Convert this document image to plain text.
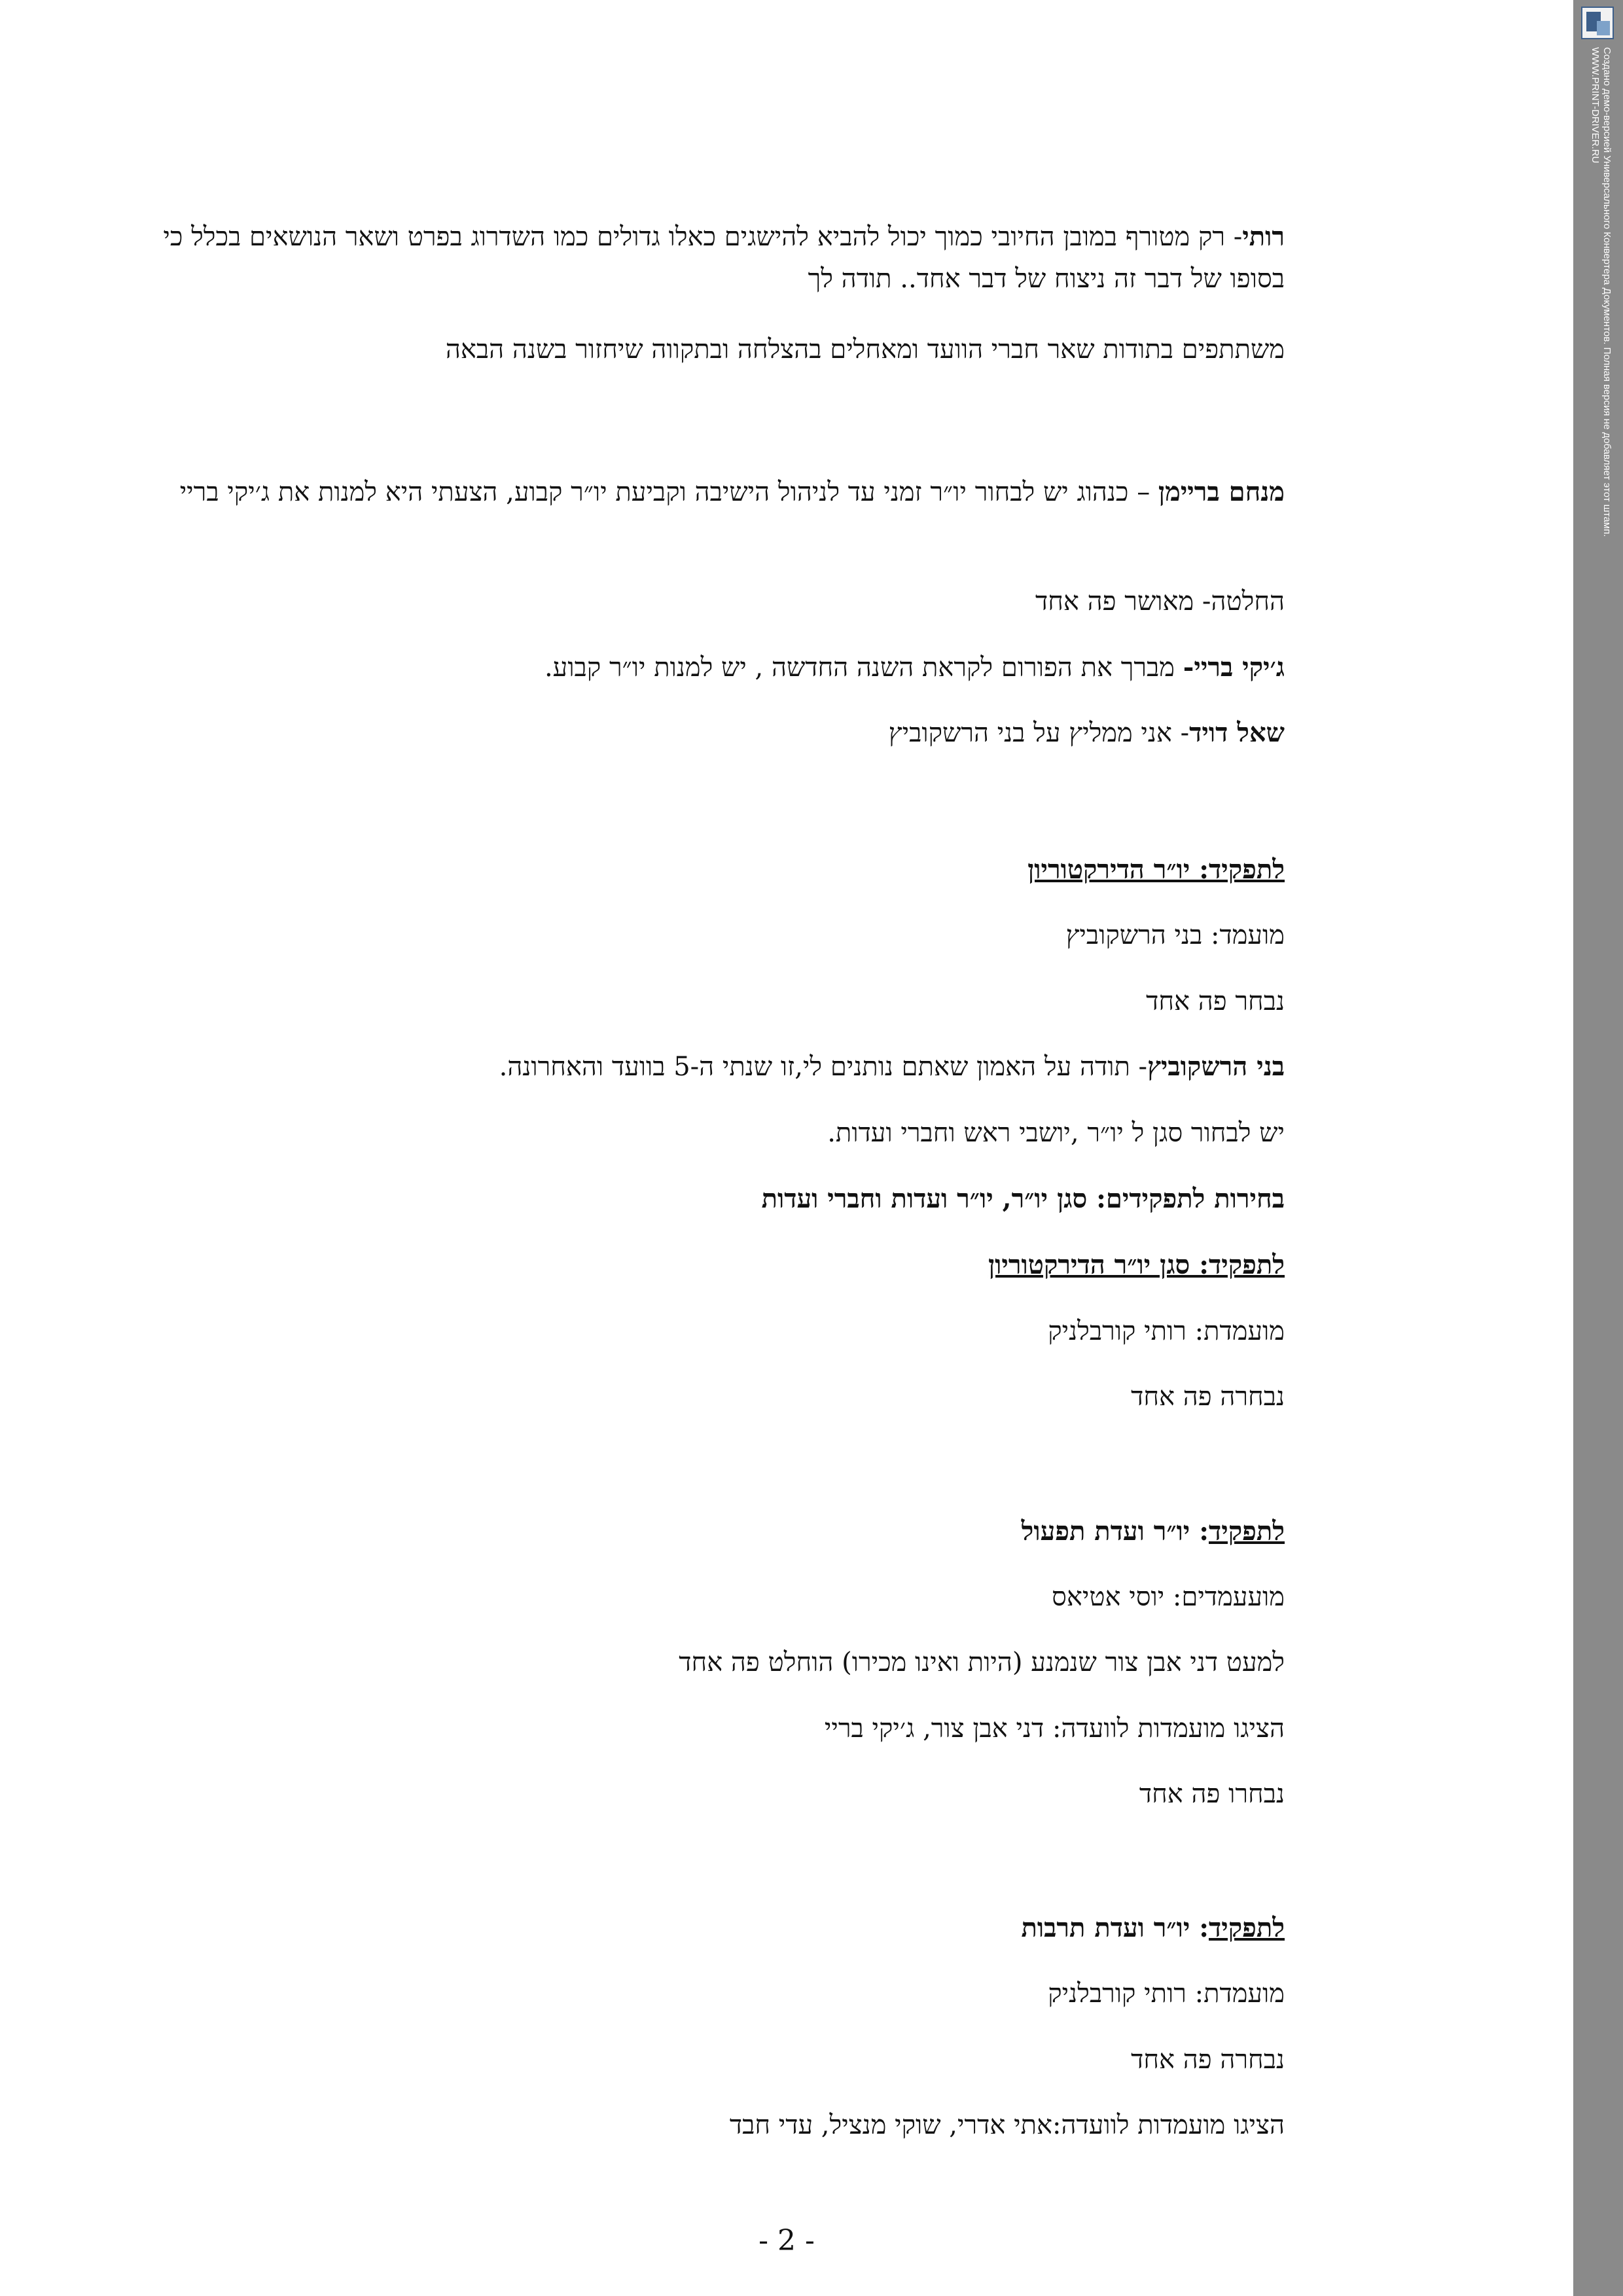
רותי- רק מטורף במובן החיובי כמוך יכול להביא להישגים כאלו גדולים כמו השדרוג בפרט ושאר הנושאים בכלל כי בסופו של דבר זה ניצוח של דבר אחד.. תודה לך
משתתפים בתודות שאר חברי הוועד ומאחלים בהצלחה ובתקווה שיחזור בשנה הבאה
מנחם בריימן – כנהוג יש לבחור יו״ר זמני עד לניהול הישיבה וקביעת יו״ר קבוע, הצעתי היא למנות את ג׳יקי בריי
החלטה- מאושר פה אחד
ג׳יקי בריי- מברך את הפורום לקראת השנה החדשה , יש למנות יו״ר קבוע.
שאל דויד- אני ממליץ על בני הרשקוביץ
לתפקיד: יו״ר הדירקטוריון
מועמד: בני הרשקוביץ
נבחר פה אחד
בני הרשקוביץ- תודה על האמון שאתם נותנים לי,זו שנתי ה-5 בוועד והאחרונה.
יש לבחור סגן ל יו״ר ,יושבי ראש וחברי ועדות.
בחירות לתפקידים: סגן יו״ר, יו״ר ועדות וחברי ועדות
לתפקיד: סגן יו״ר הדירקטוריון
מועמדת: רותי קורבלניק
נבחרה פה אחד
לתפקיד: יו״ר ועדת תפעול
מועעמדים: יוסי אטיאס
למעט דני אבן צור שנמנע (היות ואינו מכירו) הוחלט פה אחד
הציגו מועמדות לוועדה: דני אבן צור, ג׳יקי בריי
נבחרו פה אחד
לתפקיד: יו״ר ועדת תרבות
מועמדת: רותי קורבלניק
נבחרה פה אחד
הציגו מועמדות לוועדה:אתי אדרי, שוקי מנציל, עדי חבד
- 2 -
Создано демо-версией Универсального Конвертера Документов. Полная версия не добавляет этот штамп.
WWW.PRINT-DRIVER.RU
